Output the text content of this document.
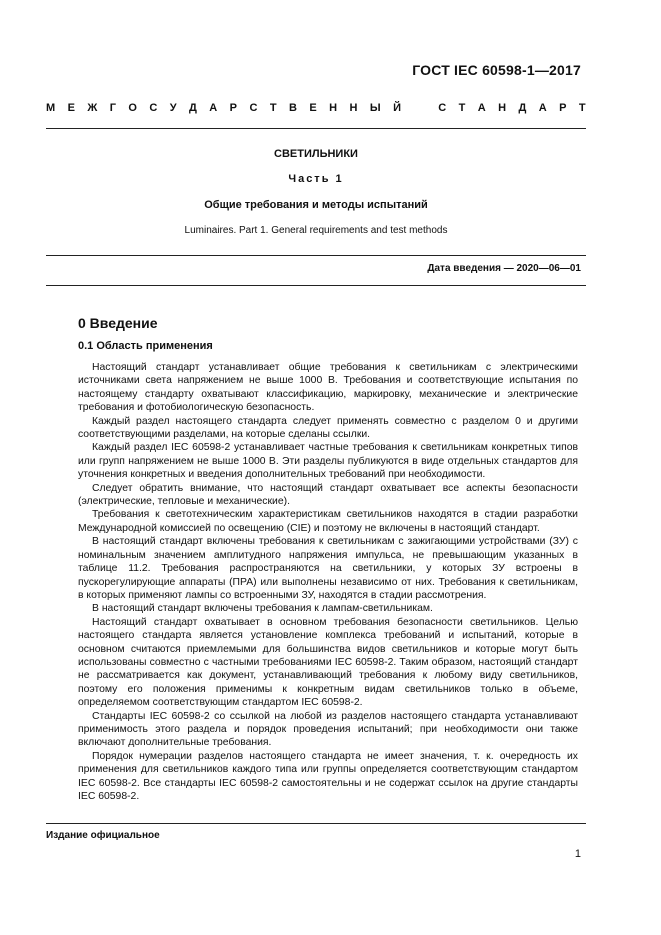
ГОСТ IEC 60598-1—2017
М Е Ж Г О С У Д А Р С Т В Е Н Н Ы Й	С Т А Н Д А Р Т
СВЕТИЛЬНИКИ
Часть 1
Общие требования и методы испытаний
Luminaires. Part 1. General requirements and test methods
Дата введения — 2020—06—01
0 Введение
0.1 Область применения

Настоящий стандарт устанавливает общие требования к светильникам с электрическими источниками света напряжением не выше 1000 В. Требования и соответствующие испытания по настоящему стандарту охватывают классификацию, маркировку, механические и электрические требования и фотобиологическую безопасность.

Каждый раздел настоящего стандарта следует применять совместно с разделом 0 и другими соответствующими разделами, на которые сделаны ссылки.

Каждый раздел IEC 60598-2 устанавливает частные требования к светильникам конкретных типов или групп напряжением не выше 1000 В. Эти разделы публикуются в виде отдельных стандартов для уточнения конкретных и введения дополнительных требований при необходимости.

Следует обратить внимание, что настоящий стандарт охватывает все аспекты безопасности (электрические, тепловые и механические).

Требования к светотехническим характеристикам светильников находятся в стадии разработки Международной комиссией по освещению (CIE) и поэтому не включены в настоящий стандарт.

В настоящий стандарт включены требования к светильникам с зажигающими устройствами (ЗУ) с номинальным значением амплитудного напряжения импульса, не превышающим указанных в таблице 11.2. Требования распространяются на светильники, у которых ЗУ встроены в пускорегулирующие аппараты (ПРА) или выполнены независимо от них. Требования к светильникам, в которых применяют лампы со встроенными ЗУ, находятся в стадии рассмотрения.

В настоящий стандарт включены требования к лампам-светильникам.

Настоящий стандарт охватывает в основном требования безопасности светильников. Целью настоящего стандарта является установление комплекса требований и испытаний, которые в основном считаются приемлемыми для большинства видов светильников и которые могут быть использованы совместно с частными требованиями IEC 60598-2. Таким образом, настоящий стандарт не рассматривается как документ, устанавливающий требования к любому виду светильников, поэтому его положения применимы к конкретным видам светильников только в объеме, определяемом соответствующим стандартом IEC 60598-2.

Стандарты IEC 60598-2 со ссылкой на любой из разделов настоящего стандарта устанавливают применимость этого раздела и порядок проведения испытаний; при необходимости они также включают дополнительные требования.

Порядок нумерации разделов настоящего стандарта не имеет значения, т. к. очередность их применения для светильников каждого типа или группы определяется соответствующим стандартом IEC 60598-2. Все стандарты IEC 60598-2 самостоятельны и не содержат ссылок на другие стандарты IEC 60598-2.

Издание официальное
1
